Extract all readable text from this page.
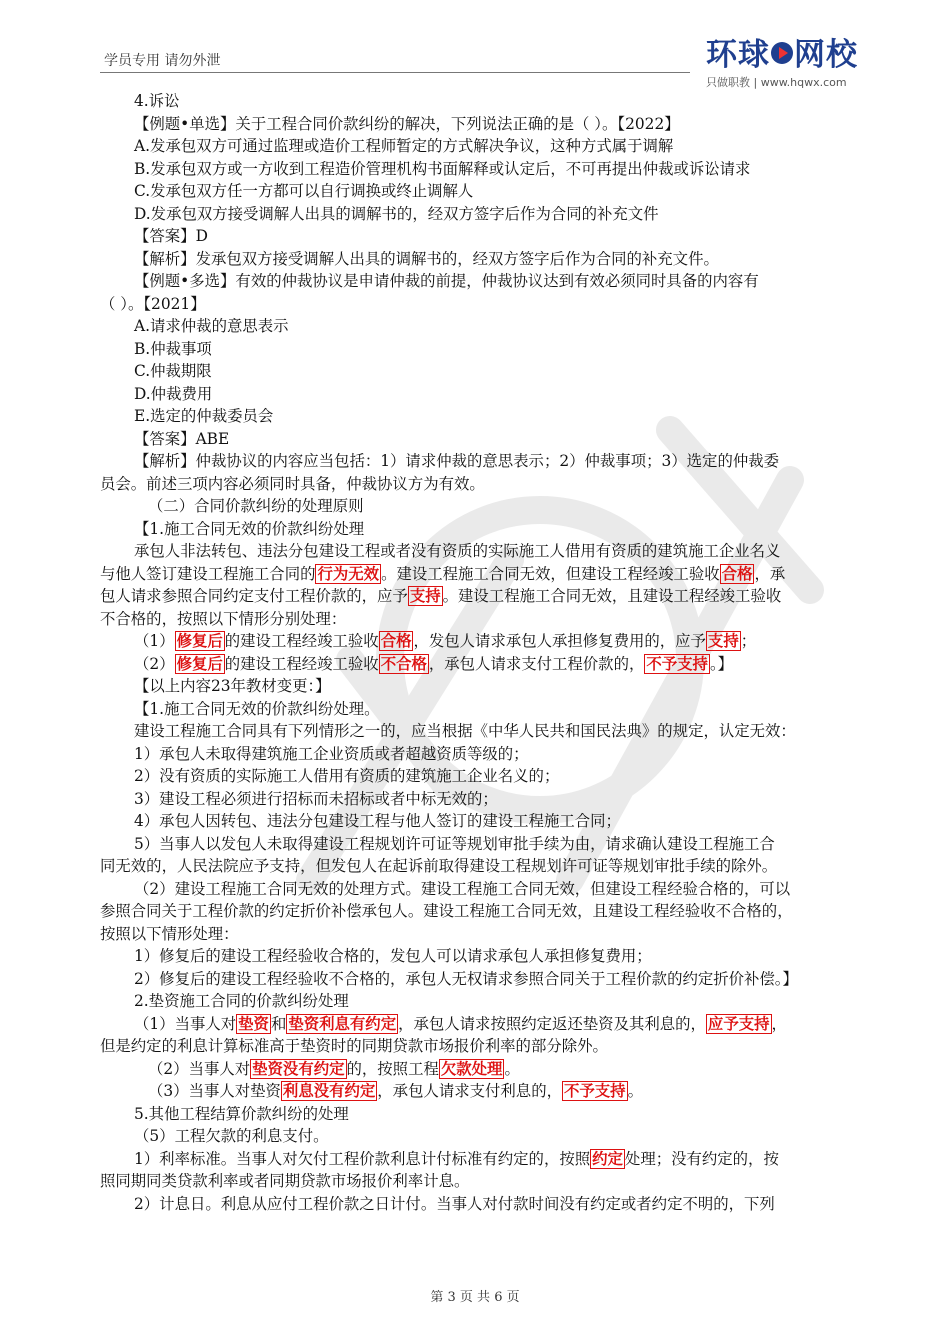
学员专用 请勿外泄	环球 网校
只做职教 | www.hqwx.com

4.诉讼

【例题•单选】关于工程合同价款纠纷的解决，下列说法正确的是（ ）。【2022】

A.发承包双方可通过监理或造价工程师暂定的方式解决争议，这种方式属于调解

B.发承包双方或一方收到工程造价管理机构书面解释或认定后，不可再提出仲裁或诉讼请求

C.发承包双方任一方都可以自行调换或终止调解人

D.发承包双方接受调解人出具的调解书的，经双方签字后作为合同的补充文件

【答案】D

【解析】发承包双方接受调解人出具的调解书的，经双方签字后作为合同的补充文件。

【例题•多选】有效的仲裁协议是申请仲裁的前提，仲裁协议达到有效必须同时具备的内容有

（ ）。【2021】

A.请求仲裁的意思表示

B.仲裁事项

C.仲裁期限

D.仲裁费用

E.选定的仲裁委员会

【答案】ABE

【解析】仲裁协议的内容应当包括：1）请求仲裁的意思表示；2）仲裁事项；3）选定的仲裁委

员会。前述三项内容必须同时具备，仲裁协议方为有效。

（二）合同价款纠纷的处理原则

【1.施工合同无效的价款纠纷处理

承包人非法转包、违法分包建设工程或者没有资质的实际施工人借用有资质的建筑施工企业名义

与他人签订建设工程施工合同的 行为无效 。建设工程施工合同无效，但建设工程经竣工验收 合格 ，承

包人请求参照合同约定支付工程价款的，应予 支持 。建设工程施工合同无效，且建设工程经竣工验收

不合格的，按照以下情形分别处理：

（1） 修复后 的建设工程经竣工验收 合格 ，发包人请求承包人承担修复费用的，应予 支持 ；

（2） 修复后 的建设工程经竣工验收 不合格 ，承包人请求支付工程价款的， 不予支持 。】

【以上内容23年教材变更：】

【1.施工合同无效的价款纠纷处理。

建设工程施工合同具有下列情形之一的，应当根据《中华人民共和国民法典》的规定，认定无效：

1）承包人未取得建筑施工企业资质或者超越资质等级的；

2）没有资质的实际施工人借用有资质的建筑施工企业名义的；

3）建设工程必须进行招标而未招标或者中标无效的；

4）承包人因转包、违法分包建设工程与他人签订的建设工程施工合同；

5）当事人以发包人未取得建设工程规划许可证等规划审批手续为由，请求确认建设工程施工合

同无效的，人民法院应予支持，但发包人在起诉前取得建设工程规划许可证等规划审批手续的除外。

（2）建设工程施工合同无效的处理方式。建设工程施工合同无效，但建设工程经验合格的，可以

参照合同关于工程价款的约定折价补偿承包人。建设工程施工合同无效，且建设工程经验收不合格的，

按照以下情形处理：

1）修复后的建设工程经验收合格的，发包人可以请求承包人承担修复费用；

2）修复后的建设工程经验收不合格的，承包人无权请求参照合同关于工程价款的约定折价补偿。】

2.垫资施工合同的价款纠纷处理

（1）当事人对 垫资 和 垫资利息有约定 ，承包人请求按照约定返还垫资及其利息的， 应予支持 ，

但是约定的利息计算标准高于垫资时的同期贷款市场报价利率的部分除外。

（2）当事人对 垫资没有约定 的，按照工程 欠款处理 。

（3）当事人对垫资 利息没有约定 ，承包人请求支付利息的， 不予支持 。

5.其他工程结算价款纠纷的处理

（5）工程欠款的利息支付。

1）利率标准。当事人对欠付工程价款利息计付标准有约定的，按照 约定 处理；没有约定的，按

照同期同类贷款利率或者同期贷款市场报价利率计息。

2）计息日。利息从应付工程价款之日计付。当事人对付款时间没有约定或者约定不明的，下列

第 3 页 共 6 页
